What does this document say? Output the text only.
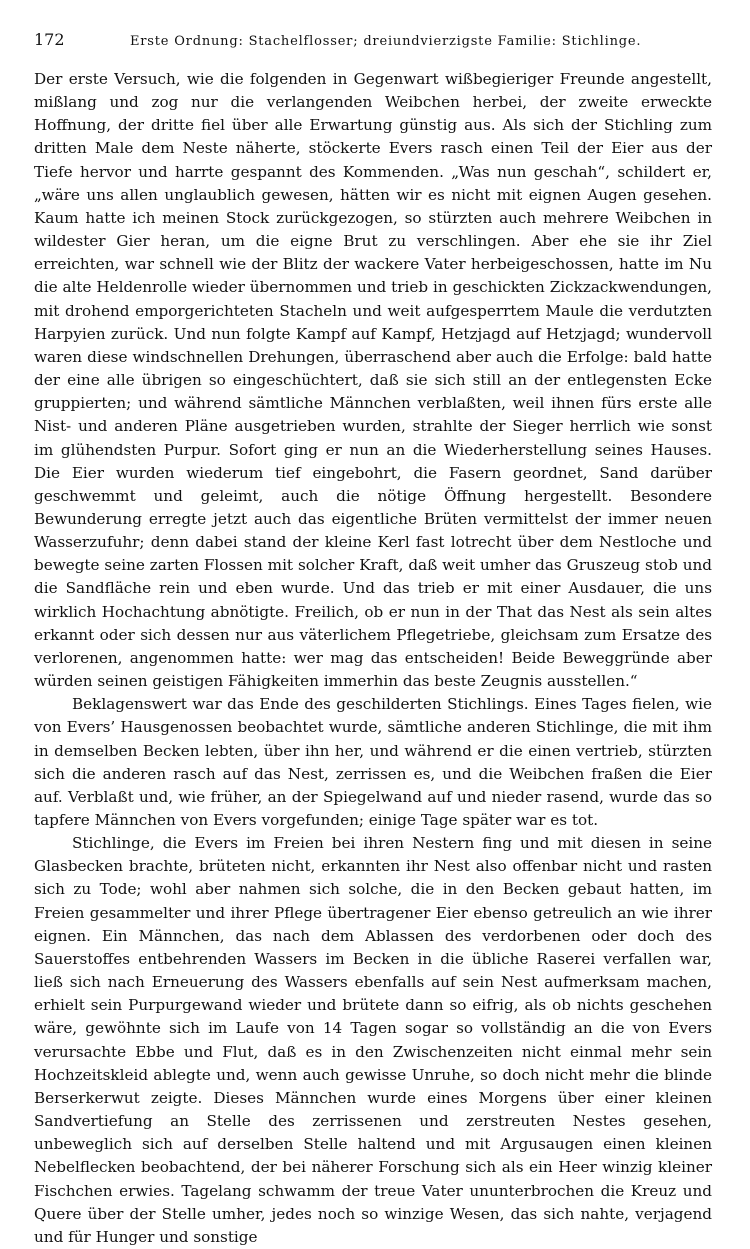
172	Erste Ordnung: Stachelflosser; dreiundvierzigste Familie: Stichlinge.

Der erste Versuch, wie die folgenden in Gegenwart wißbegieriger Freunde angestellt, mißlang und zog nur die verlangenden Weibchen herbei, der zweite erweckte Hoffnung, der dritte fiel über alle Erwartung günstig aus. Als sich der Stichling zum dritten Male dem Neste näherte, stöckerte Evers rasch einen Teil der Eier aus der Tiefe hervor und harrte gespannt des Kommenden. „Was nun geschah“, schildert er, „wäre uns allen unglaublich gewesen, hätten wir es nicht mit eignen Augen gesehen. Kaum hatte ich meinen Stock zurückgezogen, so stürzten auch mehrere Weibchen in wildester Gier heran, um die eigne Brut zu verschlingen. Aber ehe sie ihr Ziel erreichten, war schnell wie der Blitz der wackere Vater herbeigeschossen, hatte im Nu die alte Heldenrolle wieder übernommen und trieb in geschickten Zickzackwendungen, mit drohend emporgerichteten Stacheln und weit aufgesperrtem Maule die verdutzten Harpyien zurück. Und nun folgte Kampf auf Kampf, Hetzjagd auf Hetzjagd; wundervoll waren diese windschnellen Drehungen, überraschend aber auch die Erfolge: bald hatte der eine alle übrigen so eingeschüchtert, daß sie sich still an der entlegensten Ecke gruppierten; und während sämtliche Männchen verblaßten, weil ihnen fürs erste alle Nist- und anderen Pläne ausgetrieben wurden, strahlte der Sieger herrlich wie sonst im glühendsten Purpur. Sofort ging er nun an die Wiederherstellung seines Hauses. Die Eier wurden wiederum tief eingebohrt, die Fasern geordnet, Sand darüber geschwemmt und geleimt, auch die nötige Öffnung hergestellt. Besondere Bewunderung erregte jetzt auch das eigentliche Brüten vermittelst der immer neuen Wasserzufuhr; denn dabei stand der kleine Kerl fast lotrecht über dem Nestloche und bewegte seine zarten Flossen mit solcher Kraft, daß weit umher das Gruszeug stob und die Sandfläche rein und eben wurde. Und das trieb er mit einer Ausdauer, die uns wirklich Hochachtung abnötigte. Freilich, ob er nun in der That das Nest als sein altes erkannt oder sich dessen nur aus väterlichem Pflegetriebe, gleichsam zum Ersatze des verlorenen, angenommen hatte: wer mag das entscheiden! Beide Beweggründe aber würden seinen geistigen Fähigkeiten immerhin das beste Zeugnis ausstellen.“

Beklagenswert war das Ende des geschilderten Stichlings. Eines Tages fielen, wie von Evers’ Hausgenossen beobachtet wurde, sämtliche anderen Stichlinge, die mit ihm in demselben Becken lebten, über ihn her, und während er die einen vertrieb, stürzten sich die anderen rasch auf das Nest, zerrissen es, und die Weibchen fraßen die Eier auf. Verblaßt und, wie früher, an der Spiegelwand auf und nieder rasend, wurde das so tapfere Männchen von Evers vorgefunden; einige Tage später war es tot.

Stichlinge, die Evers im Freien bei ihren Nestern fing und mit diesen in seine Glasbecken brachte, brüteten nicht, erkannten ihr Nest also offenbar nicht und rasten sich zu Tode; wohl aber nahmen sich solche, die in den Becken gebaut hatten, im Freien gesammelter und ihrer Pflege übertragener Eier ebenso getreulich an wie ihrer eignen. Ein Männchen, das nach dem Ablassen des verdorbenen oder doch des Sauerstoffes entbehrenden Wassers im Becken in die übliche Raserei verfallen war, ließ sich nach Erneuerung des Wassers ebenfalls auf sein Nest aufmerksam machen, erhielt sein Purpurgewand wieder und brütete dann so eifrig, als ob nichts geschehen wäre, gewöhnte sich im Laufe von 14 Tagen sogar so vollständig an die von Evers verursachte Ebbe und Flut, daß es in den Zwischenzeiten nicht einmal mehr sein Hochzeitskleid ablegte und, wenn auch gewisse Unruhe, so doch nicht mehr die blinde Berserkerwut zeigte. Dieses Männchen wurde eines Morgens über einer kleinen Sandvertiefung an Stelle des zerrissenen und zerstreuten Nestes gesehen, unbeweglich sich auf derselben Stelle haltend und mit Argusaugen einen kleinen Nebelflecken beobachtend, der bei näherer Forschung sich als ein Heer winzig kleiner Fischchen erwies. Tagelang schwamm der treue Vater ununterbrochen die Kreuz und Quere über der Stelle umher, jedes noch so winzige Wesen, das sich nahte, verjagend und für Hunger und sonstige
